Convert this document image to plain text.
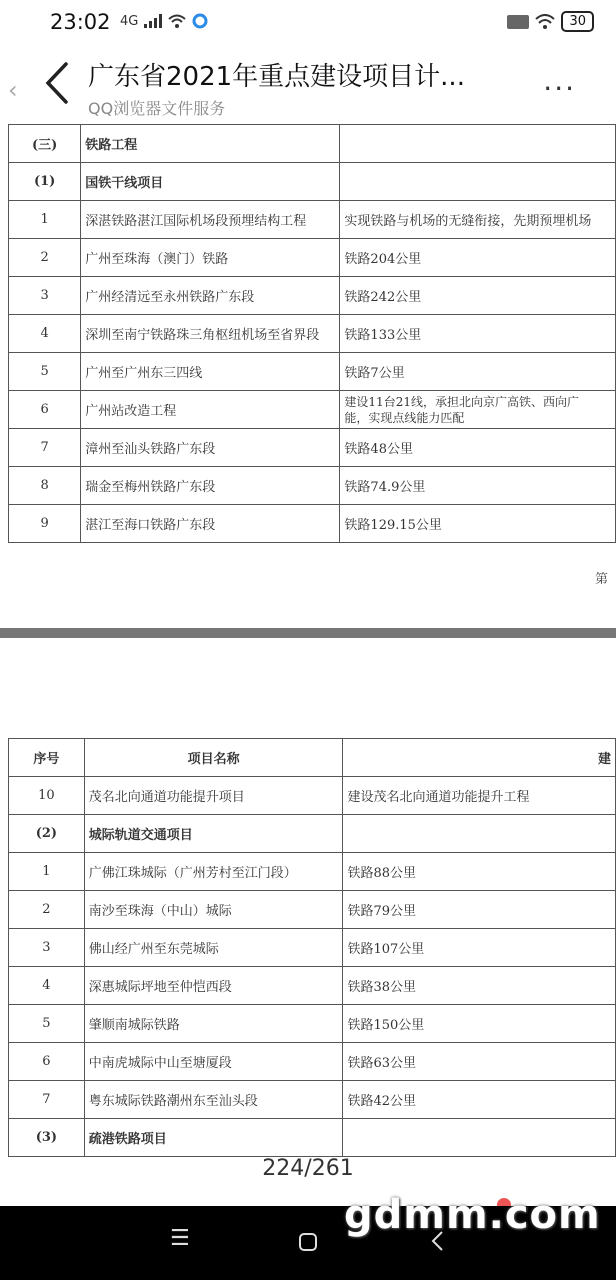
23:02 4G	30
‹	广东省2021年重点建设项目计...
QQ浏览器文件服务
...
(三)	铁路工程	
(1)	国铁干线项目	
1	深湛铁路湛江国际机场段预埋结构工程	实现铁路与机场的无缝衔接，先期预埋机场
2	广州至珠海（澳门）铁路	铁路204公里
3	广州经清远至永州铁路广东段	铁路242公里
4	深圳至南宁铁路珠三角枢纽机场至省界段	铁路133公里
5	广州至广州东三四线	铁路7公里
6	广州站改造工程	建设11台21线，承担北向京广高铁、西向广
能，实现点线能力匹配

7	漳州至汕头铁路广东段	铁路48公里
8	瑞金至梅州铁路广东段	铁路74.9公里
9	湛江至海口铁路广东段	铁路129.15公里
第
序号	项目名称	建
10	茂名北向通道功能提升项目	建设茂名北向通道功能提升工程
(2)	城际轨道交通项目	
1	广佛江珠城际（广州芳村至江门段）	铁路88公里
2	南沙至珠海（中山）城际	铁路79公里
3	佛山经广州至东莞城际	铁路107公里
4	深惠城际坪地至仲恺西段	铁路38公里
5	肇顺南城际铁路	铁路150公里
6	中南虎城际中山至塘厦段	铁路63公里
7	粤东城际铁路潮州东至汕头段	铁路42公里
(3)	疏港铁路项目	
224/261
☰
gdmm.com
